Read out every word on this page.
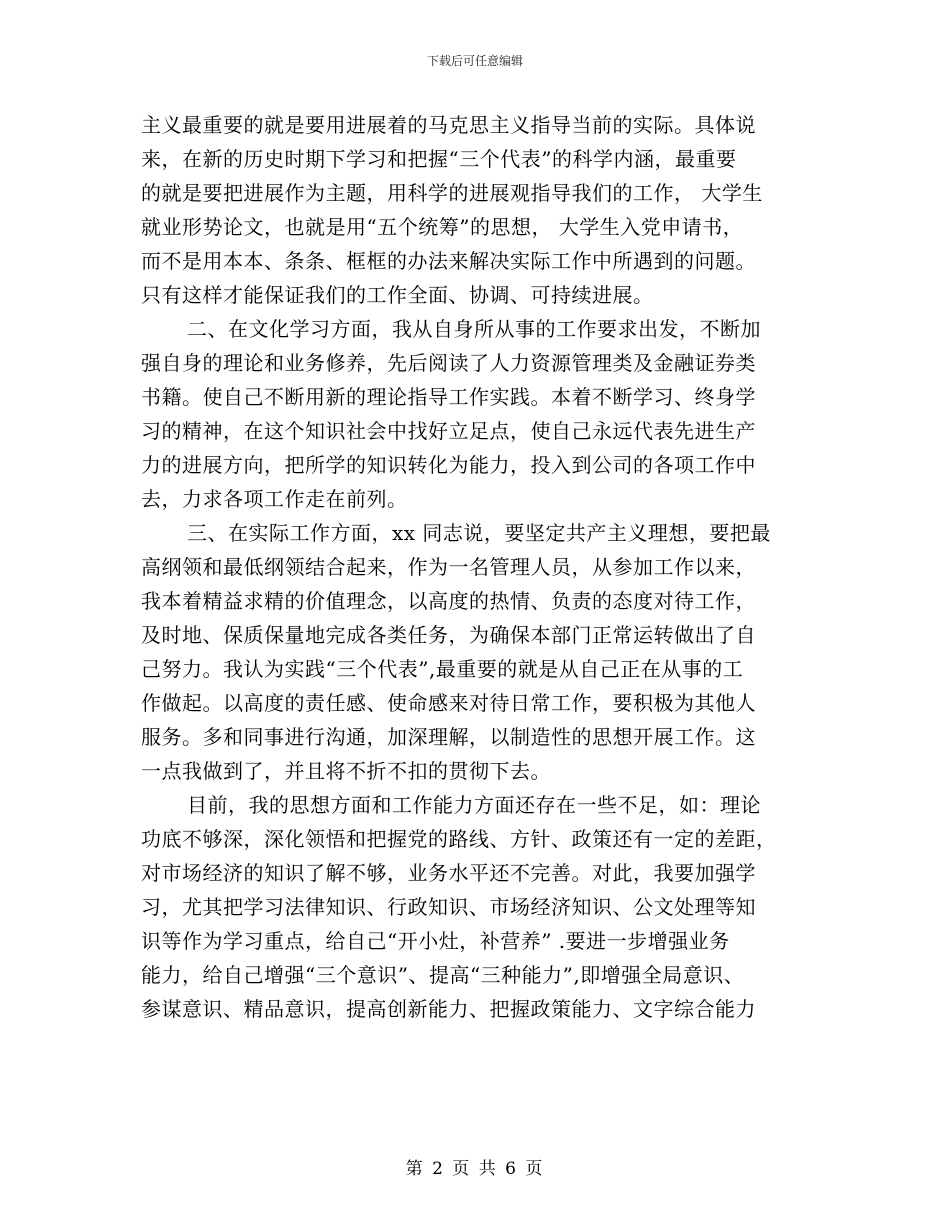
下载后可任意编辑
主义最重要的就是要用进展着的马克思主义指导当前的实际。具体说
来，在新的历史时期下学习和把握“三个代表”的科学内涵，最重要
的就是要把进展作为主题，用科学的进展观指导我们的工作， 大学生
就业形势论文，也就是用“五个统筹”的思想， 大学生入党申请书，
而不是用本本、条条、框框的办法来解决实际工作中所遇到的问题。
只有这样才能保证我们的工作全面、协调、可持续进展。
二、在文化学习方面，我从自身所从事的工作要求出发，不断加
强自身的理论和业务修养，先后阅读了人力资源管理类及金融证券类
书籍。使自己不断用新的理论指导工作实践。本着不断学习、终身学
习的精神，在这个知识社会中找好立足点，使自己永远代表先进生产
力的进展方向，把所学的知识转化为能力，投入到公司的各项工作中
去，力求各项工作走在前列。
三、在实际工作方面，xx 同志说，要坚定共产主义理想，要把最
高纲领和最低纲领结合起来，作为一名管理人员，从参加工作以来，
我本着精益求精的价值理念，以高度的热情、负责的态度对待工作，
及时地、保质保量地完成各类任务，为确保本部门正常运转做出了自
己努力。我认为实践“三个代表”,最重要的就是从自己正在从事的工
作做起。以高度的责任感、使命感来对待日常工作，要积极为其他人
服务。多和同事进行沟通，加深理解，以制造性的思想开展工作。这
一点我做到了，并且将不折不扣的贯彻下去。
目前，我的思想方面和工作能力方面还存在一些不足，如：理论
功底不够深，深化领悟和把握党的路线、方针、政策还有一定的差距，
对市场经济的知识了解不够，业务水平还不完善。对此，我要加强学
习，尤其把学习法律知识、行政知识、市场经济知识、公文处理等知
识等作为学习重点，给自己“开小灶，补营养” .要进一步增强业务
能力，给自己增强“三个意识”、提高“三种能力”,即增强全局意识、
参谋意识、精品意识，提高创新能力、把握政策能力、文字综合能力
第 2 页 共 6 页
